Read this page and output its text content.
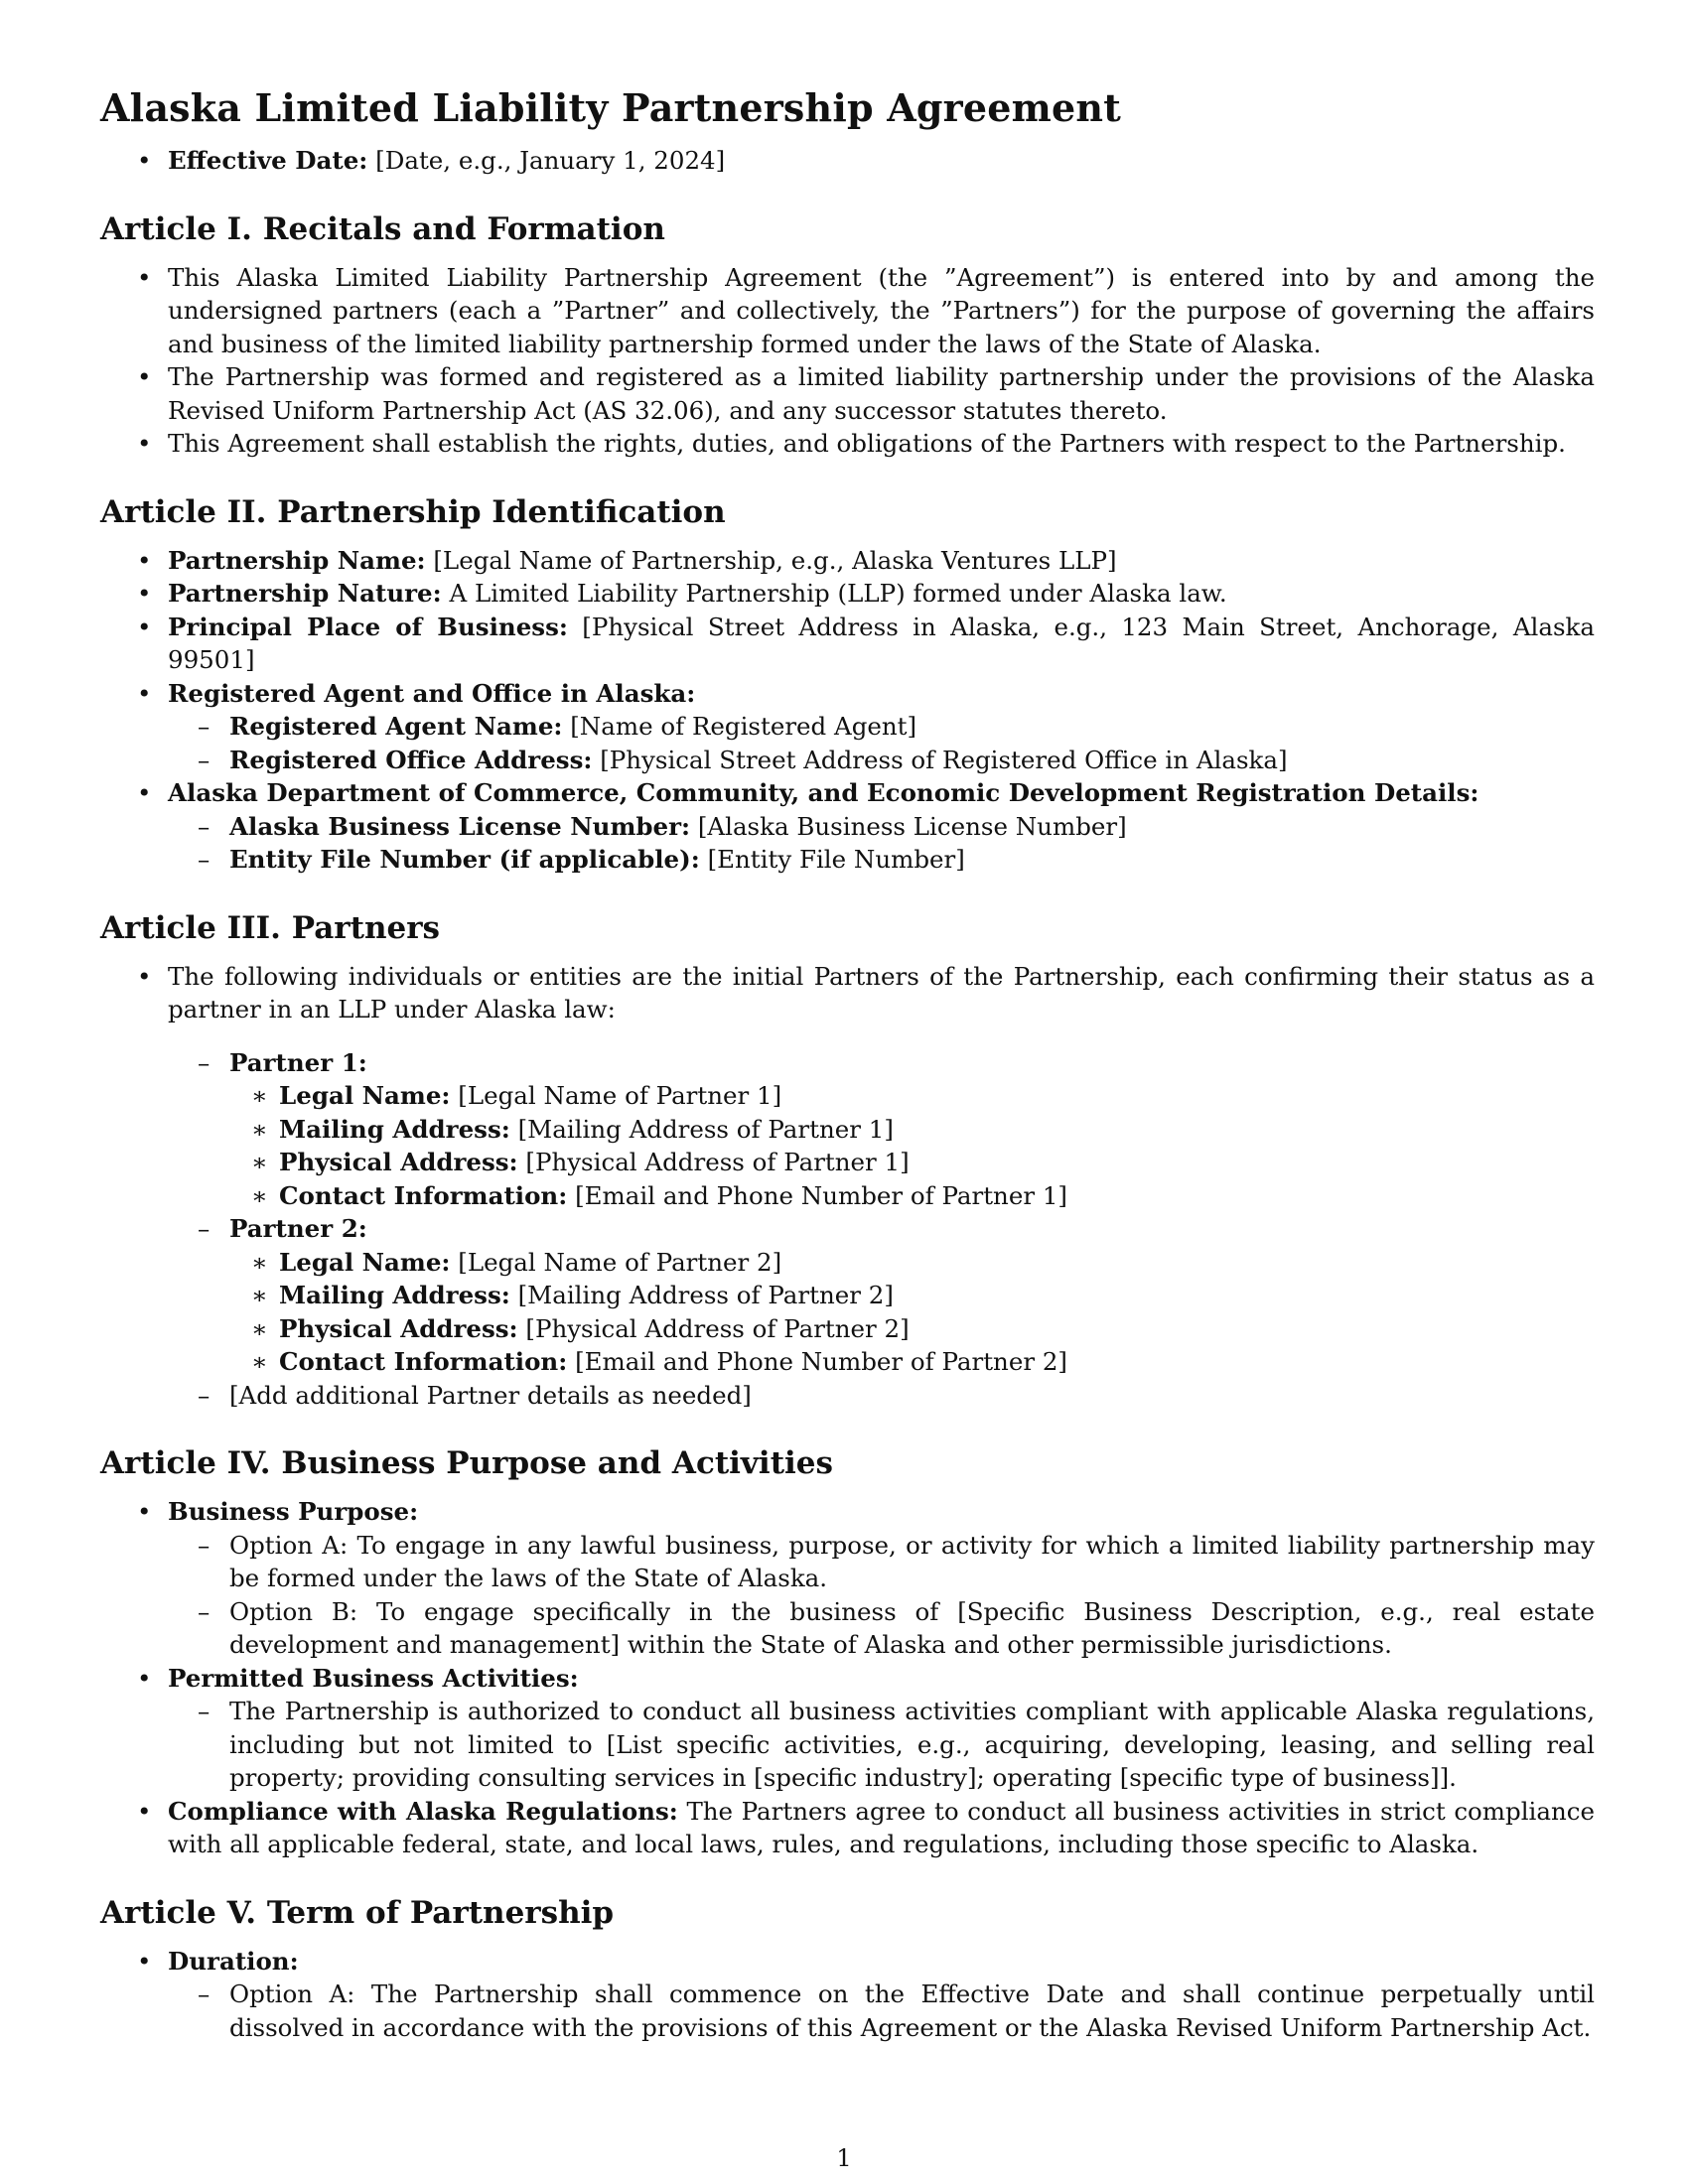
Alaska Limited Liability Partnership Agreement
• Effective Date: [Date, e.g., January 1, 2024]
Article I. Recitals and Formation
• This Alaska Limited Liability Partnership Agreement (the ”Agreement”) is entered into by and among the undersigned partners (each a ”Partner” and collectively, the ”Partners”) for the purpose of governing the affairs and business of the limited liability partnership formed under the laws of the State of Alaska.
• The Partnership was formed and registered as a limited liability partnership under the provisions of the Alaska Revised Uniform Partnership Act (AS 32.06), and any successor statutes thereto.
• This Agreement shall establish the rights, duties, and obligations of the Partners with respect to the Partnership.
Article II. Partnership Identification
• Partnership Name: [Legal Name of Partnership, e.g., Alaska Ventures LLP]
• Partnership Nature: A Limited Liability Partnership (LLP) formed under Alaska law.
• Principal Place of Business: [Physical Street Address in Alaska, e.g., 123 Main Street, Anchorage, Alaska 99501]
• Registered Agent and Office in Alaska:
– Registered Agent Name: [Name of Registered Agent]
– Registered Office Address: [Physical Street Address of Registered Office in Alaska]
• Alaska Department of Commerce, Community, and Economic Development Registration Details:
– Alaska Business License Number: [Alaska Business License Number]
– Entity File Number (if applicable): [Entity File Number]
Article III. Partners
• The following individuals or entities are the initial Partners of the Partnership, each confirming their status as a partner in an LLP under Alaska law:
– Partner 1:
∗ Legal Name: [Legal Name of Partner 1]
∗ Mailing Address: [Mailing Address of Partner 1]
∗ Physical Address: [Physical Address of Partner 1]
∗ Contact Information: [Email and Phone Number of Partner 1]
– Partner 2:
∗ Legal Name: [Legal Name of Partner 2]
∗ Mailing Address: [Mailing Address of Partner 2]
∗ Physical Address: [Physical Address of Partner 2]
∗ Contact Information: [Email and Phone Number of Partner 2]
– [Add additional Partner details as needed]
Article IV. Business Purpose and Activities
• Business Purpose:
– Option A: To engage in any lawful business, purpose, or activity for which a limited liability partnership may be formed under the laws of the State of Alaska.
– Option B: To engage specifically in the business of [Specific Business Description, e.g., real estate development and management] within the State of Alaska and other permissible jurisdictions.
• Permitted Business Activities:
– The Partnership is authorized to conduct all business activities compliant with applicable Alaska regulations, including but not limited to [List specific activities, e.g., acquiring, developing, leasing, and selling real property; providing consulting services in [specific industry]; operating [specific type of business]].
• Compliance with Alaska Regulations: The Partners agree to conduct all business activities in strict compliance with all applicable federal, state, and local laws, rules, and regulations, including those specific to Alaska.
Article V. Term of Partnership
• Duration:
– Option A: The Partnership shall commence on the Effective Date and shall continue perpetually until dissolved in accordance with the provisions of this Agreement or the Alaska Revised Uniform Partnership Act.
1
